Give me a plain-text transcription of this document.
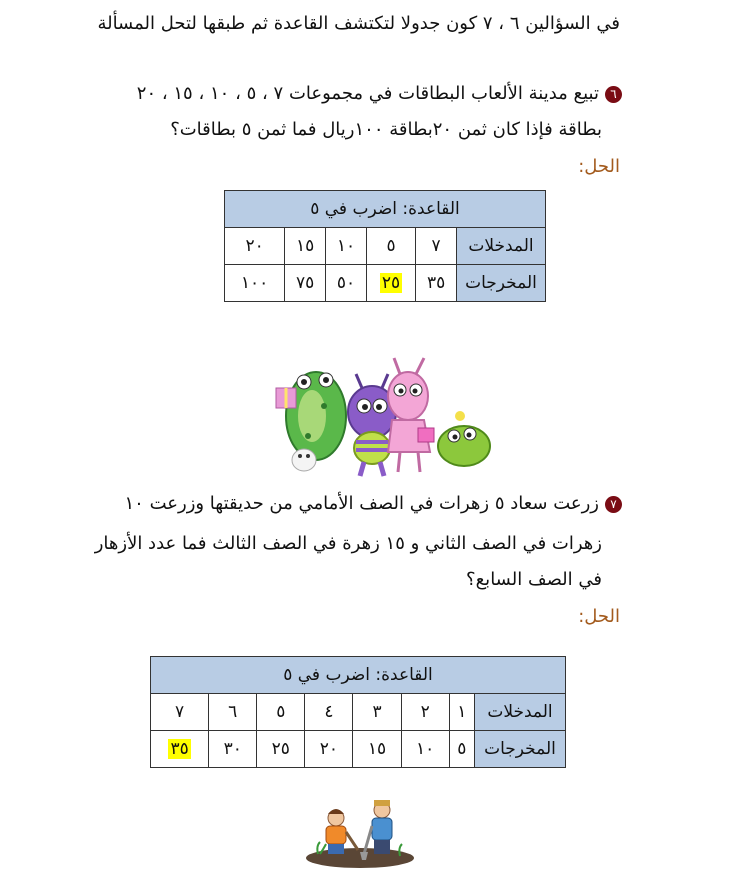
في السؤالين ٦ ، ٧ كون جدولا لتكتشف القاعدة ثم طبقها لتحل المسألة
٦تبيع مدينة الألعاب البطاقات في مجموعات ٧ ، ٥ ، ١٠ ، ١٥ ، ٢٠
بطاقة فإذا كان ثمن ٢٠بطاقة ١٠٠ريال فما ثمن ٥ بطاقات؟
الحل:
القاعدة: اضرب في ٥					
المدخلات	٧	٥	١٠	١٥	٢٠
المخرجات	٣٥	٢٥	٥٠	٧٥	١٠٠
٧زرعت سعاد ٥ زهرات في الصف الأمامي من حديقتها وزرعت ١٠
زهرات في الصف الثاني و ١٥ زهرة في الصف الثالث فما عدد الأزهار
في الصف السابع؟
الحل:
القاعدة: اضرب في ٥							
المدخلات	١	٢	٣	٤	٥	٦	٧
المخرجات	٥	١٠	١٥	٢٠	٢٥	٣٠	٣٥
